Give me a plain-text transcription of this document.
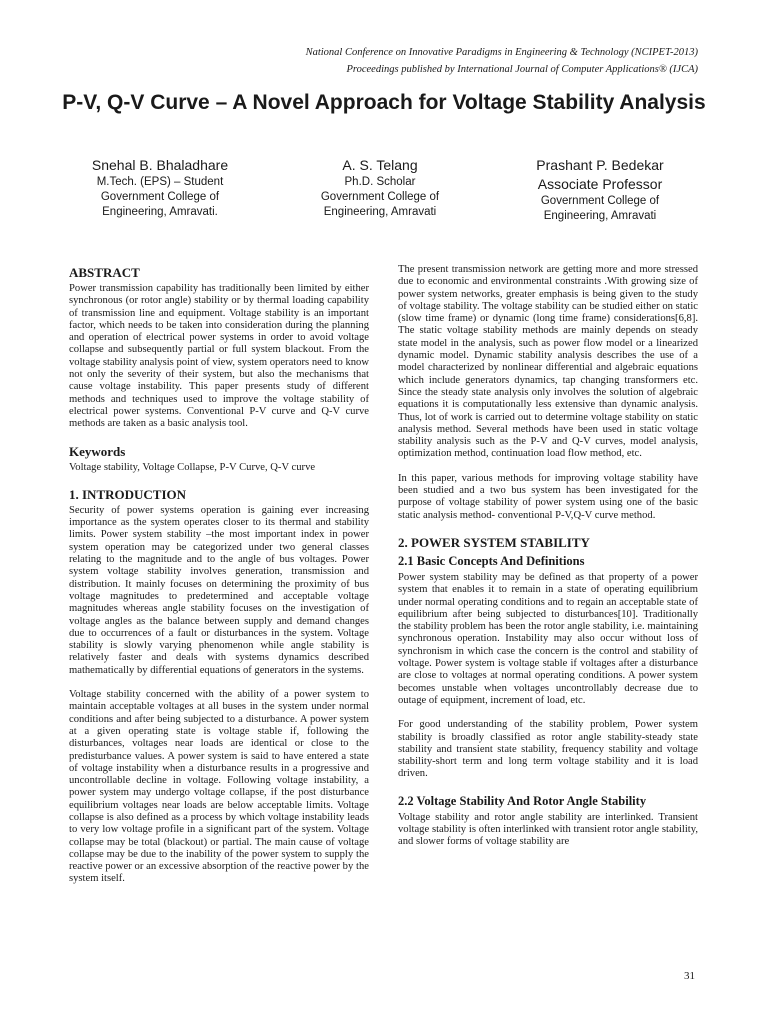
National Conference on Innovative Paradigms in Engineering & Technology (NCIPET-2013)
Proceedings published by International Journal of Computer Applications® (IJCA)
P-V, Q-V Curve – A Novel Approach for Voltage Stability Analysis
Snehal B. Bhaladhare
M.Tech. (EPS) – Student
Government College of
Engineering, Amravati.
A. S. Telang
Ph.D. Scholar
Government College of
Engineering, Amravati
Prashant P. Bedekar
Associate Professor
Government College of
Engineering, Amravati
ABSTRACT

Power transmission capability has traditionally been limited by either synchronous (or rotor angle) stability or by thermal loading capability of transmission line and equipment. Voltage stability is an important factor, which needs to be taken into consideration during the planning and operation of electrical power systems in order to avoid voltage collapse and subsequently partial or full system blackout. From the voltage stability analysis point of view, system operators need to know not only the severity of their system, but also the mechanisms that cause voltage instability. This paper presents study of different methods and techniques used to improve the voltage stability of electrical power systems. Conventional P-V curve and Q-V curve methods are taken as a basic analysis tool.

Keywords

Voltage stability, Voltage Collapse, P-V Curve, Q-V curve

1. INTRODUCTION

Security of power systems operation is gaining ever increasing importance as the system operates closer to its thermal and stability limits. Power system stability –the most important index in power system operation may be categorized under two general classes relating to the magnitude and to the angle of bus voltages. Power system voltage stability involves generation, transmission and distribution. It mainly focuses on determining the proximity of bus voltage magnitudes to predetermined and acceptable voltage magnitudes whereas angle stability focuses on the investigation of voltage angles as the balance between supply and demand changes due to occurrences of a fault or disturbances in the system. Voltage stability is slowly varying phenomenon while angle stability is relatively faster and deals with systems dynamics described mathematically by differential equations of generators in the systems.

Voltage stability concerned with the ability of a power system to maintain acceptable voltages at all buses in the system under normal conditions and after being subjected to a disturbance. A power system at a given operating state is voltage stable if, following the disturbances, voltages near loads are identical or close to the predisturbance values. A power system is said to have entered a state of voltage instability when a disturbance results in a progressive and uncontrollable decline in voltage. Following voltage instability, a power system may undergo voltage collapse, if the post disturbance equilibrium voltages near loads are below acceptable limits. Voltage collapse is also defined as a process by which voltage instability leads to very low voltage profile in a significant part of the system. Voltage collapse may be total (blackout) or partial. The main cause of voltage collapse may be due to the inability of the power system to supply the reactive power or an excessive absorption of the reactive power by the system itself.

The present transmission network are getting more and more stressed due to economic and environmental constraints .With growing size of power system networks, greater emphasis is being given to the study of voltage stability. The voltage stability can be studied either on static (slow time frame) or dynamic (long time frame) considerations[6,8]. The static voltage stability methods are mainly depends on steady state model in the analysis, such as power flow model or a linearized dynamic model. Dynamic stability analysis describes the use of a model characterized by nonlinear differential and algebraic equations which include generators dynamics, tap changing transformers etc. Since the steady state analysis only involves the solution of algebraic equations it is computationally less extensive than dynamic analysis. Thus, lot of work is carried out to determine voltage stability on static analysis method. Several methods have been used in static voltage stability analysis such as the P-V and Q-V curves, model analysis, optimization method, continuation load flow method, etc.

In this paper, various methods for improving voltage stability have been studied and a two bus system has been investigated for the purpose of voltage stability of power system using one of the basic static analysis method- conventional P-V,Q-V curve method.

2. POWER SYSTEM STABILITY
2.1 Basic Concepts And Definitions

Power system stability may be defined as that property of a power system that enables it to remain in a state of operating equilibrium under normal operating conditions and to regain an acceptable state of equilibrium after being subjected to disturbances[10]. Traditionally the stability problem has been the rotor angle stability, i.e. maintaining synchronous operation. Instability may also occur without loss of synchronism in which case the concern is the control and stability of voltage. Power system is voltage stable if voltages after a disturbance are close to voltages at normal operating conditions. A power system becomes unstable when voltages uncontrollably decrease due to outage of equipment, increment of load, etc.

For good understanding of the stability problem, Power system stability is broadly classified as rotor angle stability-steady state stability and transient state stability, frequency stability and voltage stability-short term and long term voltage stability and it is load driven.

2.2 Voltage Stability And Rotor Angle Stability

Voltage stability and rotor angle stability are interlinked. Transient voltage stability is often interlinked with transient rotor angle stability, and slower forms of voltage stability are

31
